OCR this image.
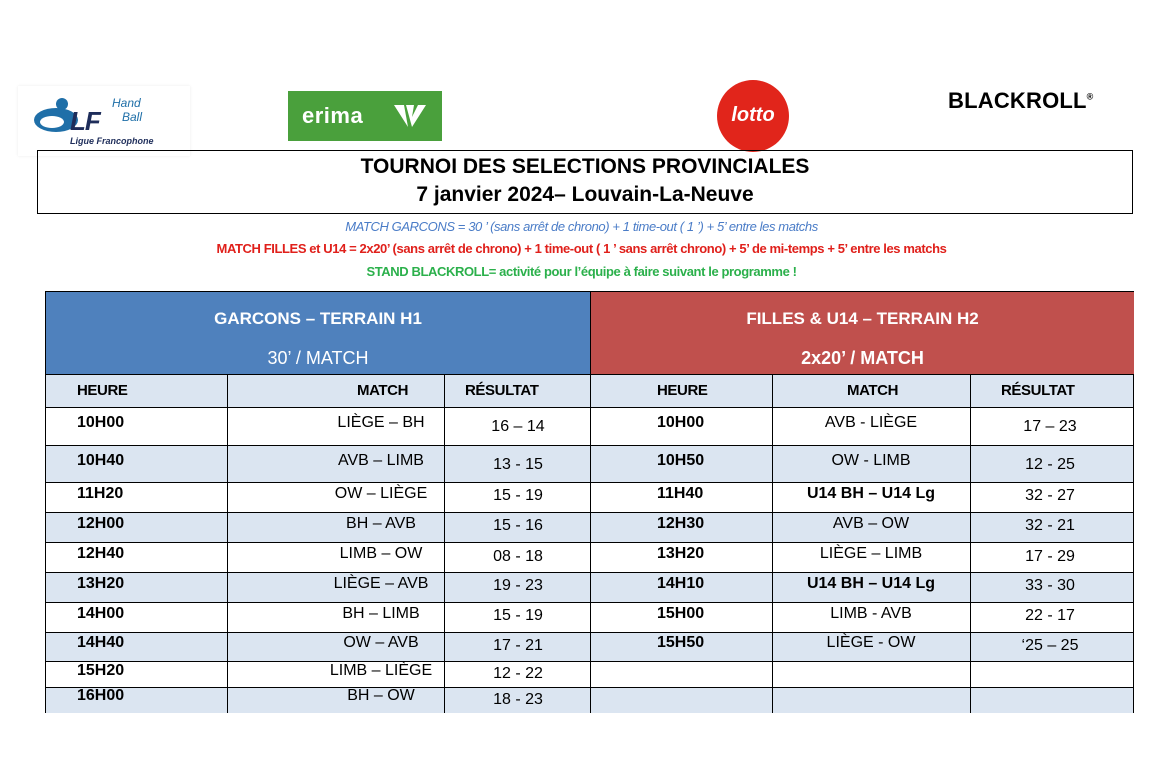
LF
Hand
Ball
Ligue Francophone
erima	lotto
BLACKROLL®
TOURNOI DES SELECTIONS PROVINCIALES
7 janvier 2024– Louvain-La-Neuve
MATCH GARCONS = 30 ’ (sans arrêt de chrono) + 1 time-out ( 1 ’) + 5’ entre les matchs
MATCH FILLES et U14 = 2x20’ (sans arrêt de chrono) + 1 time-out ( 1 ’ sans arrêt chrono) + 5’ de mi-temps + 5’ entre les matchs
STAND BLACKROLL= activité pour l’équipe à faire suivant le programme !
GARCONS – TERRAIN H1
30’ / MATCH
FILLES & U14 – TERRAIN H2
2x20’ / MATCH
HEURE	MATCH	RÉSULTAT	HEURE	MATCH	RÉSULTAT
10H00	LIÈGE – BH	16 – 14	10H00	AVB - LIÈGE	17 – 23
10H40	AVB – LIMB	13 - 15	10H50	OW - LIMB	12 - 25
11H20	OW – LIÈGE	15 - 19	11H40	U14 BH – U14 Lg	32 - 27
12H00	BH – AVB	15 - 16	12H30	AVB – OW	32 - 21
12H40	LIMB – OW	08 - 18	13H20	LIÈGE – LIMB	17 - 29
13H20	LIÈGE – AVB	19 - 23	14H10	U14 BH – U14 Lg	33 - 30
14H00	BH – LIMB	15 - 19	15H00	LIMB - AVB	22 - 17
14H40	OW – AVB	17 - 21	15H50	LIÈGE - OW	‘25 – 25
15H20	LIMB – LIÈGE	12 - 22
16H00	BH – OW	18 - 23
